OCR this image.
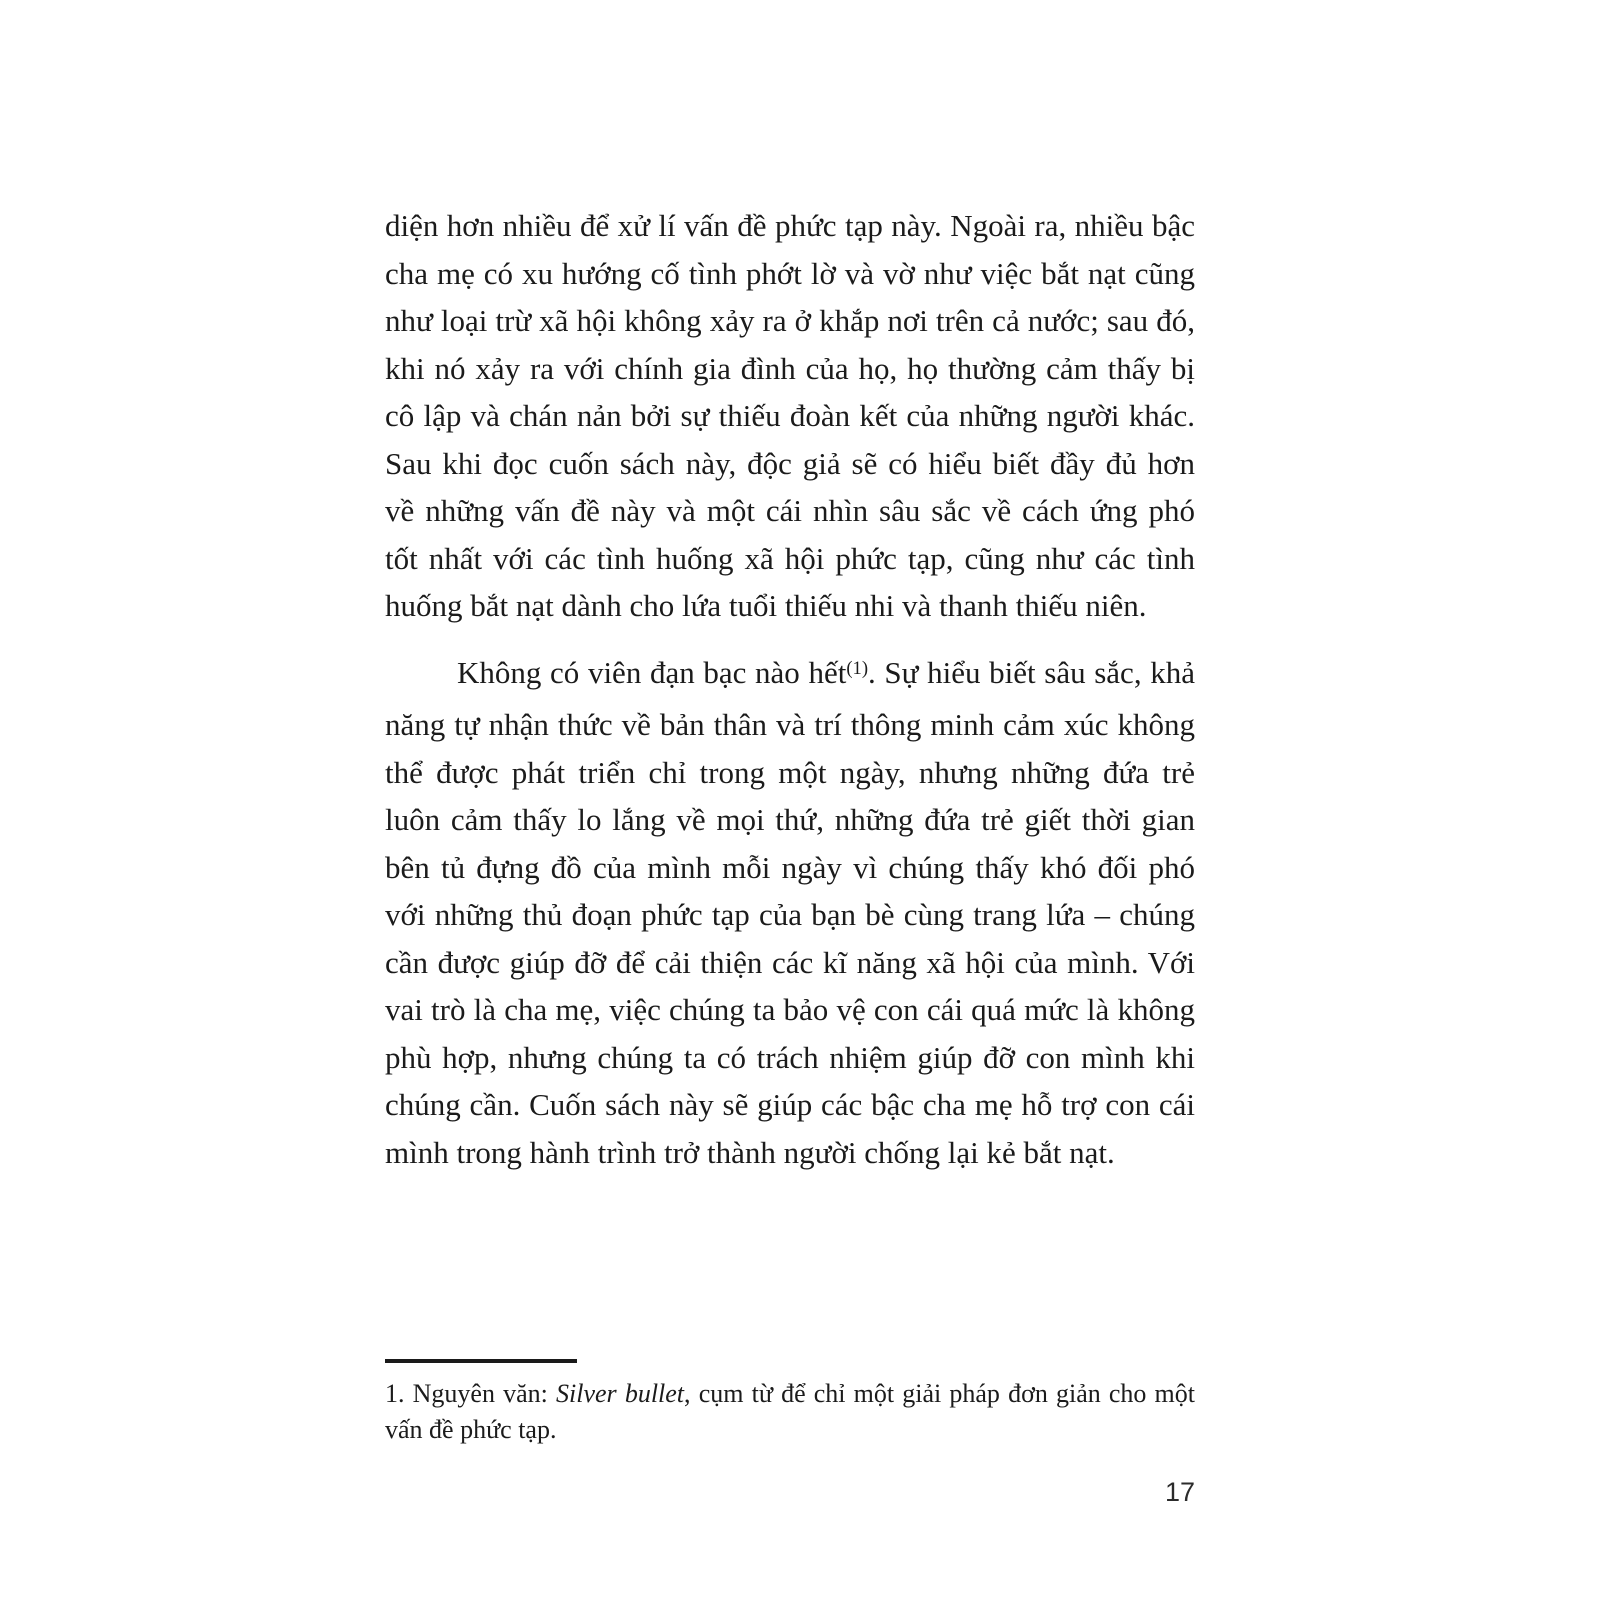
diện hơn nhiều để xử lí vấn đề phức tạp này. Ngoài ra, nhiều bậc
cha mẹ có xu hướng cố tình phớt lờ và vờ như việc bắt nạt cũng
như loại trừ xã hội không xảy ra ở khắp nơi trên cả nước; sau đó,
khi nó xảy ra với chính gia đình của họ, họ thường cảm thấy bị
cô lập và chán nản bởi sự thiếu đoàn kết của những người khác.
Sau khi đọc cuốn sách này, độc giả sẽ có hiểu biết đầy đủ hơn
về những vấn đề này và một cái nhìn sâu sắc về cách ứng phó
tốt nhất với các tình huống xã hội phức tạp, cũng như các tình
huống bắt nạt dành cho lứa tuổi thiếu nhi và thanh thiếu niên.
Không có viên đạn bạc nào hết$^{(1)}$. Sự hiểu biết sâu sắc, khả
năng tự nhận thức về bản thân và trí thông minh cảm xúc không
thể được phát triển chỉ trong một ngày, nhưng những đứa trẻ
luôn cảm thấy lo lắng về mọi thứ, những đứa trẻ giết thời gian
bên tủ đựng đồ của mình mỗi ngày vì chúng thấy khó đối phó
với những thủ đoạn phức tạp của bạn bè cùng trang lứa – chúng
cần được giúp đỡ để cải thiện các kĩ năng xã hội của mình. Với
vai trò là cha mẹ, việc chúng ta bảo vệ con cái quá mức là không
phù hợp, nhưng chúng ta có trách nhiệm giúp đỡ con mình khi
chúng cần. Cuốn sách này sẽ giúp các bậc cha mẹ hỗ trợ con cái
mình trong hành trình trở thành người chống lại kẻ bắt nạt.
1. Nguyên văn: Silver bullet, cụm từ để chỉ một giải pháp đơn giản cho một
vấn đề phức tạp.
17
